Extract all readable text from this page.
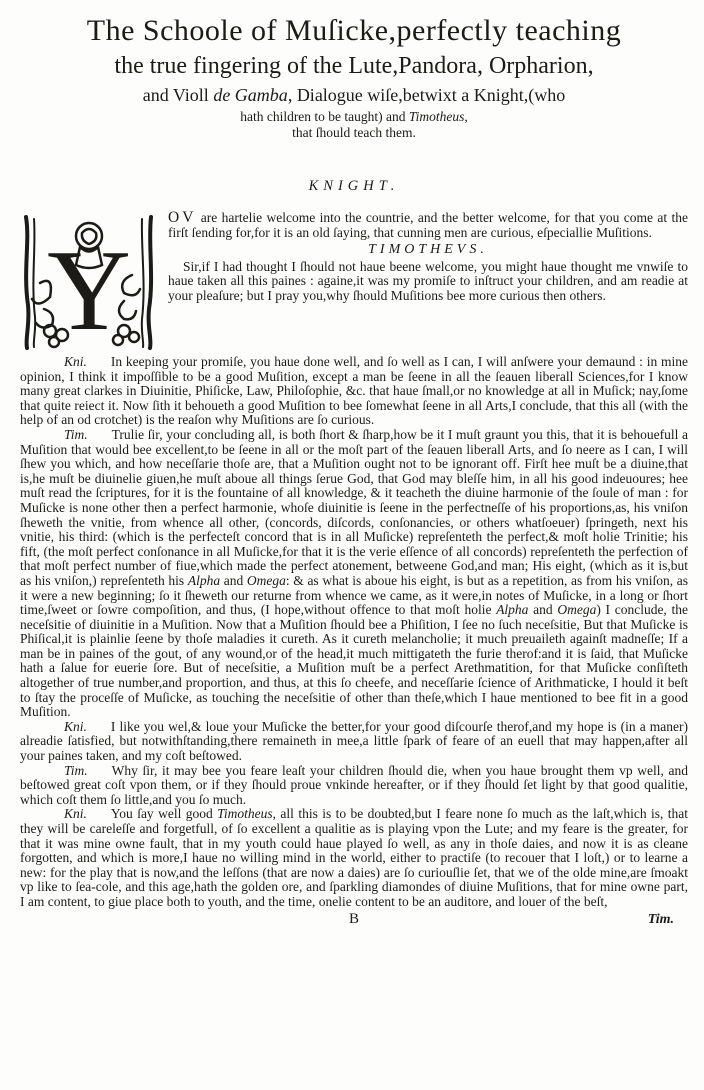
The Schoole of Muſicke,perfectly teaching
the true fingering of the Lute,Pandora, Orpharion,
and Violl de Gamba, Dialogue wiſe,betwixt a Knight,(who
hath children to be taught) and Timotheus,
that ſhould teach them.
KNIGHT.
Y

OV are hartelie welcome into the countrie, and the better welcome, for that you come at the firſt ſending for,for it is an old ſaying, that cunning men are curious, eſpeciallie Muſitions.

TIMOTHEVS.

Sir,if I had thought I ſhould not haue beene welcome, you might haue thought me vnwiſe to haue taken all this paines : againe,it was my promiſe to inſtruct your children, and am readie at your pleaſure; but I pray you,why ſhould Muſitions bee more curious then others.

Kni. In keeping your promiſe, you haue done well, and ſo well as I can, I will anſwere your demaund : in mine opinion, I think it impoſſible to be a good Muſition, except a man be ſeene in all the ſeauen liberall Sciences,for I know many great clarkes in Diuinitie, Phiſicke, Law, Philoſophie, &c. that haue ſmall,or no knowledge at all in Muſick; nay,ſome that quite reiect it. Now ſith it behoueth a good Muſition to bee ſomewhat ſeene in all Arts,I conclude, that this all (with the help of an od crotchet) is the reaſon why Muſitions are ſo curious.

Tim. Trulie ſir, your concluding all, is both ſhort & ſharp,how be it I muſt graunt you this, that it is behouefull a Muſition that would bee excellent,to be ſeene in all or the moſt part of the ſeauen liberall Arts, and ſo neere as I can, I will ſhew you which, and how neceſſarie thoſe are, that a Muſition ought not to be ignorant off. Firſt hee muſt be a diuine,that is,he muſt be diuinelie giuen,he muſt aboue all things ſerue God, that God may bleſſe him, in all his good indeuoures; hee muſt read the ſcriptures, for it is the fountaine of all knowledge, & it teacheth the diuine harmonie of the ſoule of man : for Muſicke is none other then a perfect harmonie, whoſe diuinitie is ſeene in the perfectneſſe of his proportions,as, his vniſon ſheweth the vnitie, from whence all other, (concords, diſcords, conſonancies, or others whatſoeuer) ſpringeth, next his vnitie, his third: (which is the perfecteſt concord that is in all Muſicke) repreſenteth the perfect,& moſt holie Trinitie; his fift, (the moſt perfect conſonance in all Muſicke,for that it is the verie eſſence of all concords) repreſenteth the perfection of that moſt perfect number of fiue,which made the perfect atonement, betweene God,and man; His eight, (which as it is,but as his vniſon,) repreſenteth his Alpha and Omega: & as what is aboue his eight, is but as a repetition, as from his vniſon, as it were a new beginning; ſo it ſheweth our returne from whence we came, as it were,in notes of Muſicke, in a long or ſhort time,ſweet or ſowre compoſition, and thus, (I hope,without offence to that moſt holie Alpha and Omega) I conclude, the neceſsitie of diuinitie in a Muſition. Now that a Muſition ſhould bee a Phiſition, I ſee no ſuch neceſsitie, But that Muſicke is Phiſical,it is plainlie ſeene by thoſe maladies it cureth. As it cureth melancholie; it much preuaileth againſt madneſſe; If a man be in paines of the gout, of any wound,or of the head,it much mittigateth the furie therof:and it is ſaid, that Muſicke hath a ſalue for euerie ſore. But of neceſsitie, a Muſition muſt be a perfect Arethmatition, for that Muſicke conſiſteth altogether of true number,and proportion, and thus, at this ſo cheefe, and neceſſarie ſcience of Arithmaticke, I hould it beſt to ſtay the proceſſe of Muſicke, as touching the neceſsitie of other than theſe,which I haue mentioned to bee fit in a good Muſition.

Kni. I like you wel,& loue your Muſicke the better,for your good diſcourſe therof,and my hope is (in a maner) alreadie ſatisfied, but notwithſtanding,there remaineth in mee,a little ſpark of feare of an euell that may happen,after all your paines taken, and my coſt beſtowed.

Tim. Why ſir, it may bee you feare leaſt your children ſhould die, when you haue brought them vp well, and beſtowed great coſt vpon them, or if they ſhould proue vnkinde hereafter, or if they ſhould ſet light by that good qualitie, which coſt them ſo little,and you ſo much.

Kni. You ſay well good Timotheus, all this is to be doubted,but I feare none ſo much as the laſt,which is, that they will be careleſſe and forgetfull, of ſo excellent a qualitie as is playing vpon the Lute; and my feare is the greater, for that it was mine owne fault, that in my youth could haue played ſo well, as any in thoſe daies, and now it is as cleane forgotten, and which is more,I haue no willing mind in the world, either to practiſe (to recouer that I loſt,) or to learne a new: for the play that is now,and the leſſons (that are now a daies) are ſo curiouſlie ſet, that we of the olde mine,are ſmoakt vp like to ſea-cole, and this age,hath the golden ore, and ſparkling diamondes of diuine Muſitions, that for mine owne part, I am content, to giue place both to youth, and the time, onelie content to be an auditore, and louer of the beſt,

B	Tim.
